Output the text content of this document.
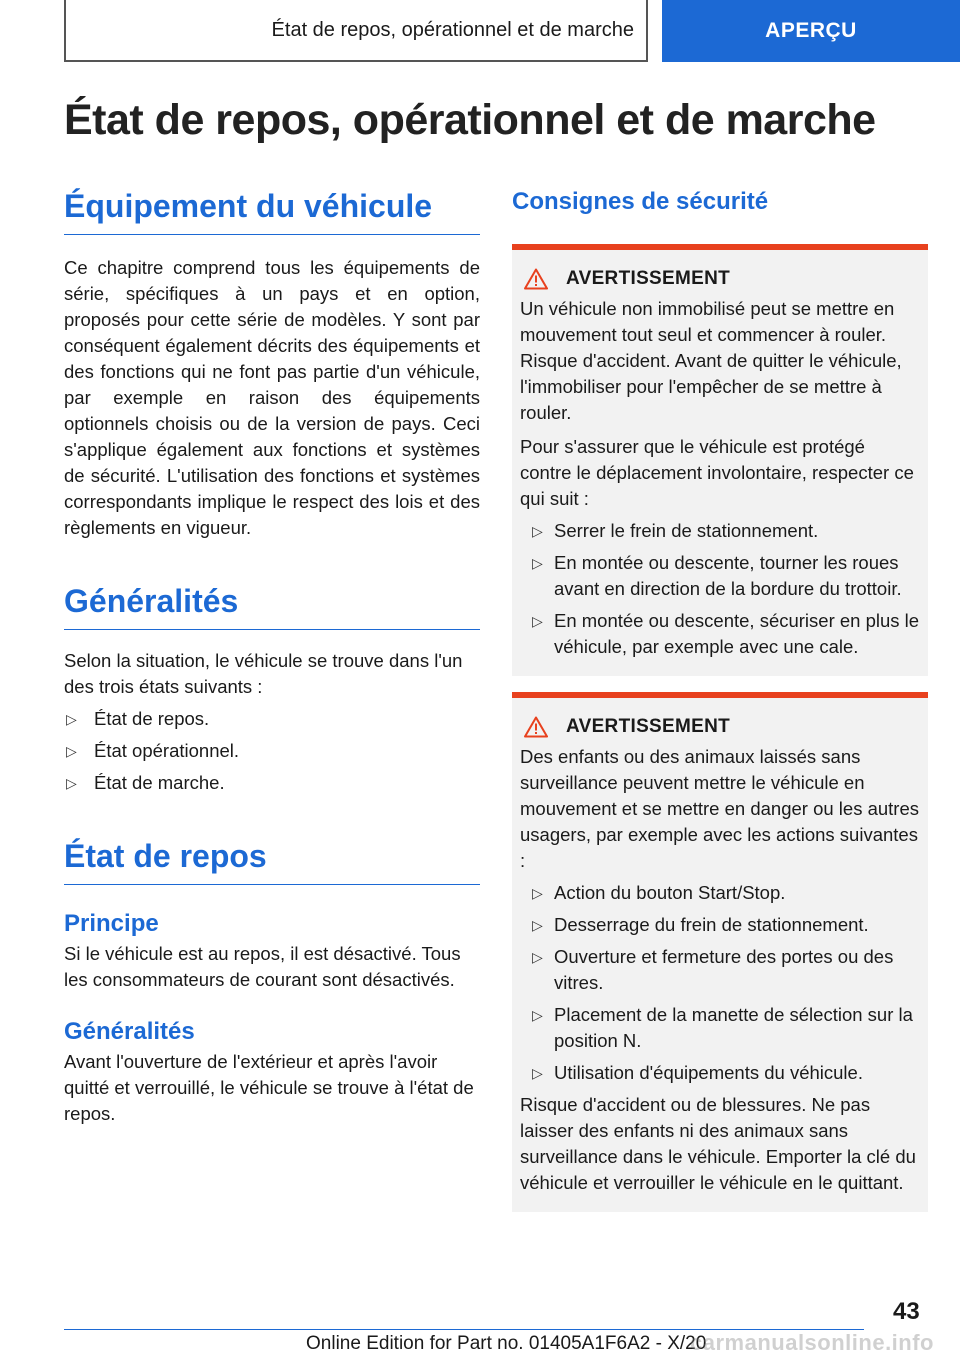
État de repos, opérationnel et de marche	APERÇU
État de repos, opérationnel et de marche
Équipement du véhicule

Ce chapitre comprend tous les équipements de série, spécifiques à un pays et en option, proposés pour cette série de modèles. Y sont par conséquent également décrits des équipements et des fonctions qui ne font pas partie d'un véhicule, par exemple en raison des équipements optionnels choisis ou de la version de pays. Ceci s'applique également aux fonctions et systèmes de sécurité. L'utilisation des fonctions et systèmes correspondants implique le respect des lois et des règlements en vigueur.

Généralités

Selon la situation, le véhicule se trouve dans l'un des trois états suivants :

▷ État de repos.
▷ État opérationnel.
▷ État de marche.
État de repos
Principe

Si le véhicule est au repos, il est désactivé. Tous les consommateurs de courant sont désactivés.

Généralités

Avant l'ouverture de l'extérieur et après l'avoir quitté et verrouillé, le véhicule se trouve à l'état de repos.

Consignes de sécurité
AVERTISSEMENT

Un véhicule non immobilisé peut se mettre en mouvement tout seul et commencer à rouler. Risque d'accident. Avant de quitter le véhicule, l'immobiliser pour l'empêcher de se mettre à rouler.

Pour s'assurer que le véhicule est protégé contre le déplacement involontaire, respecter ce qui suit :

▷ Serrer le frein de stationnement.
▷ En montée ou descente, tourner les roues avant en direction de la bordure du trottoir.
▷ En montée ou descente, sécuriser en plus le véhicule, par exemple avec une cale.
AVERTISSEMENT

Des enfants ou des animaux laissés sans surveillance peuvent mettre le véhicule en mouvement et se mettre en danger ou les autres usagers, par exemple avec les actions suivantes :

▷ Action du bouton Start/Stop.
▷ Desserrage du frein de stationnement.
▷ Ouverture et fermeture des portes ou des vitres.
▷ Placement de la manette de sélection sur la position N.
▷ Utilisation d'équipements du véhicule.

Risque d'accident ou de blessures. Ne pas laisser des enfants ni des animaux sans surveillance dans le véhicule. Emporter la clé du véhicule et verrouiller le véhicule en le quittant.

43
Online Edition for Part no. 01405A1F6A2 - X/20
carmanualsonline.info
